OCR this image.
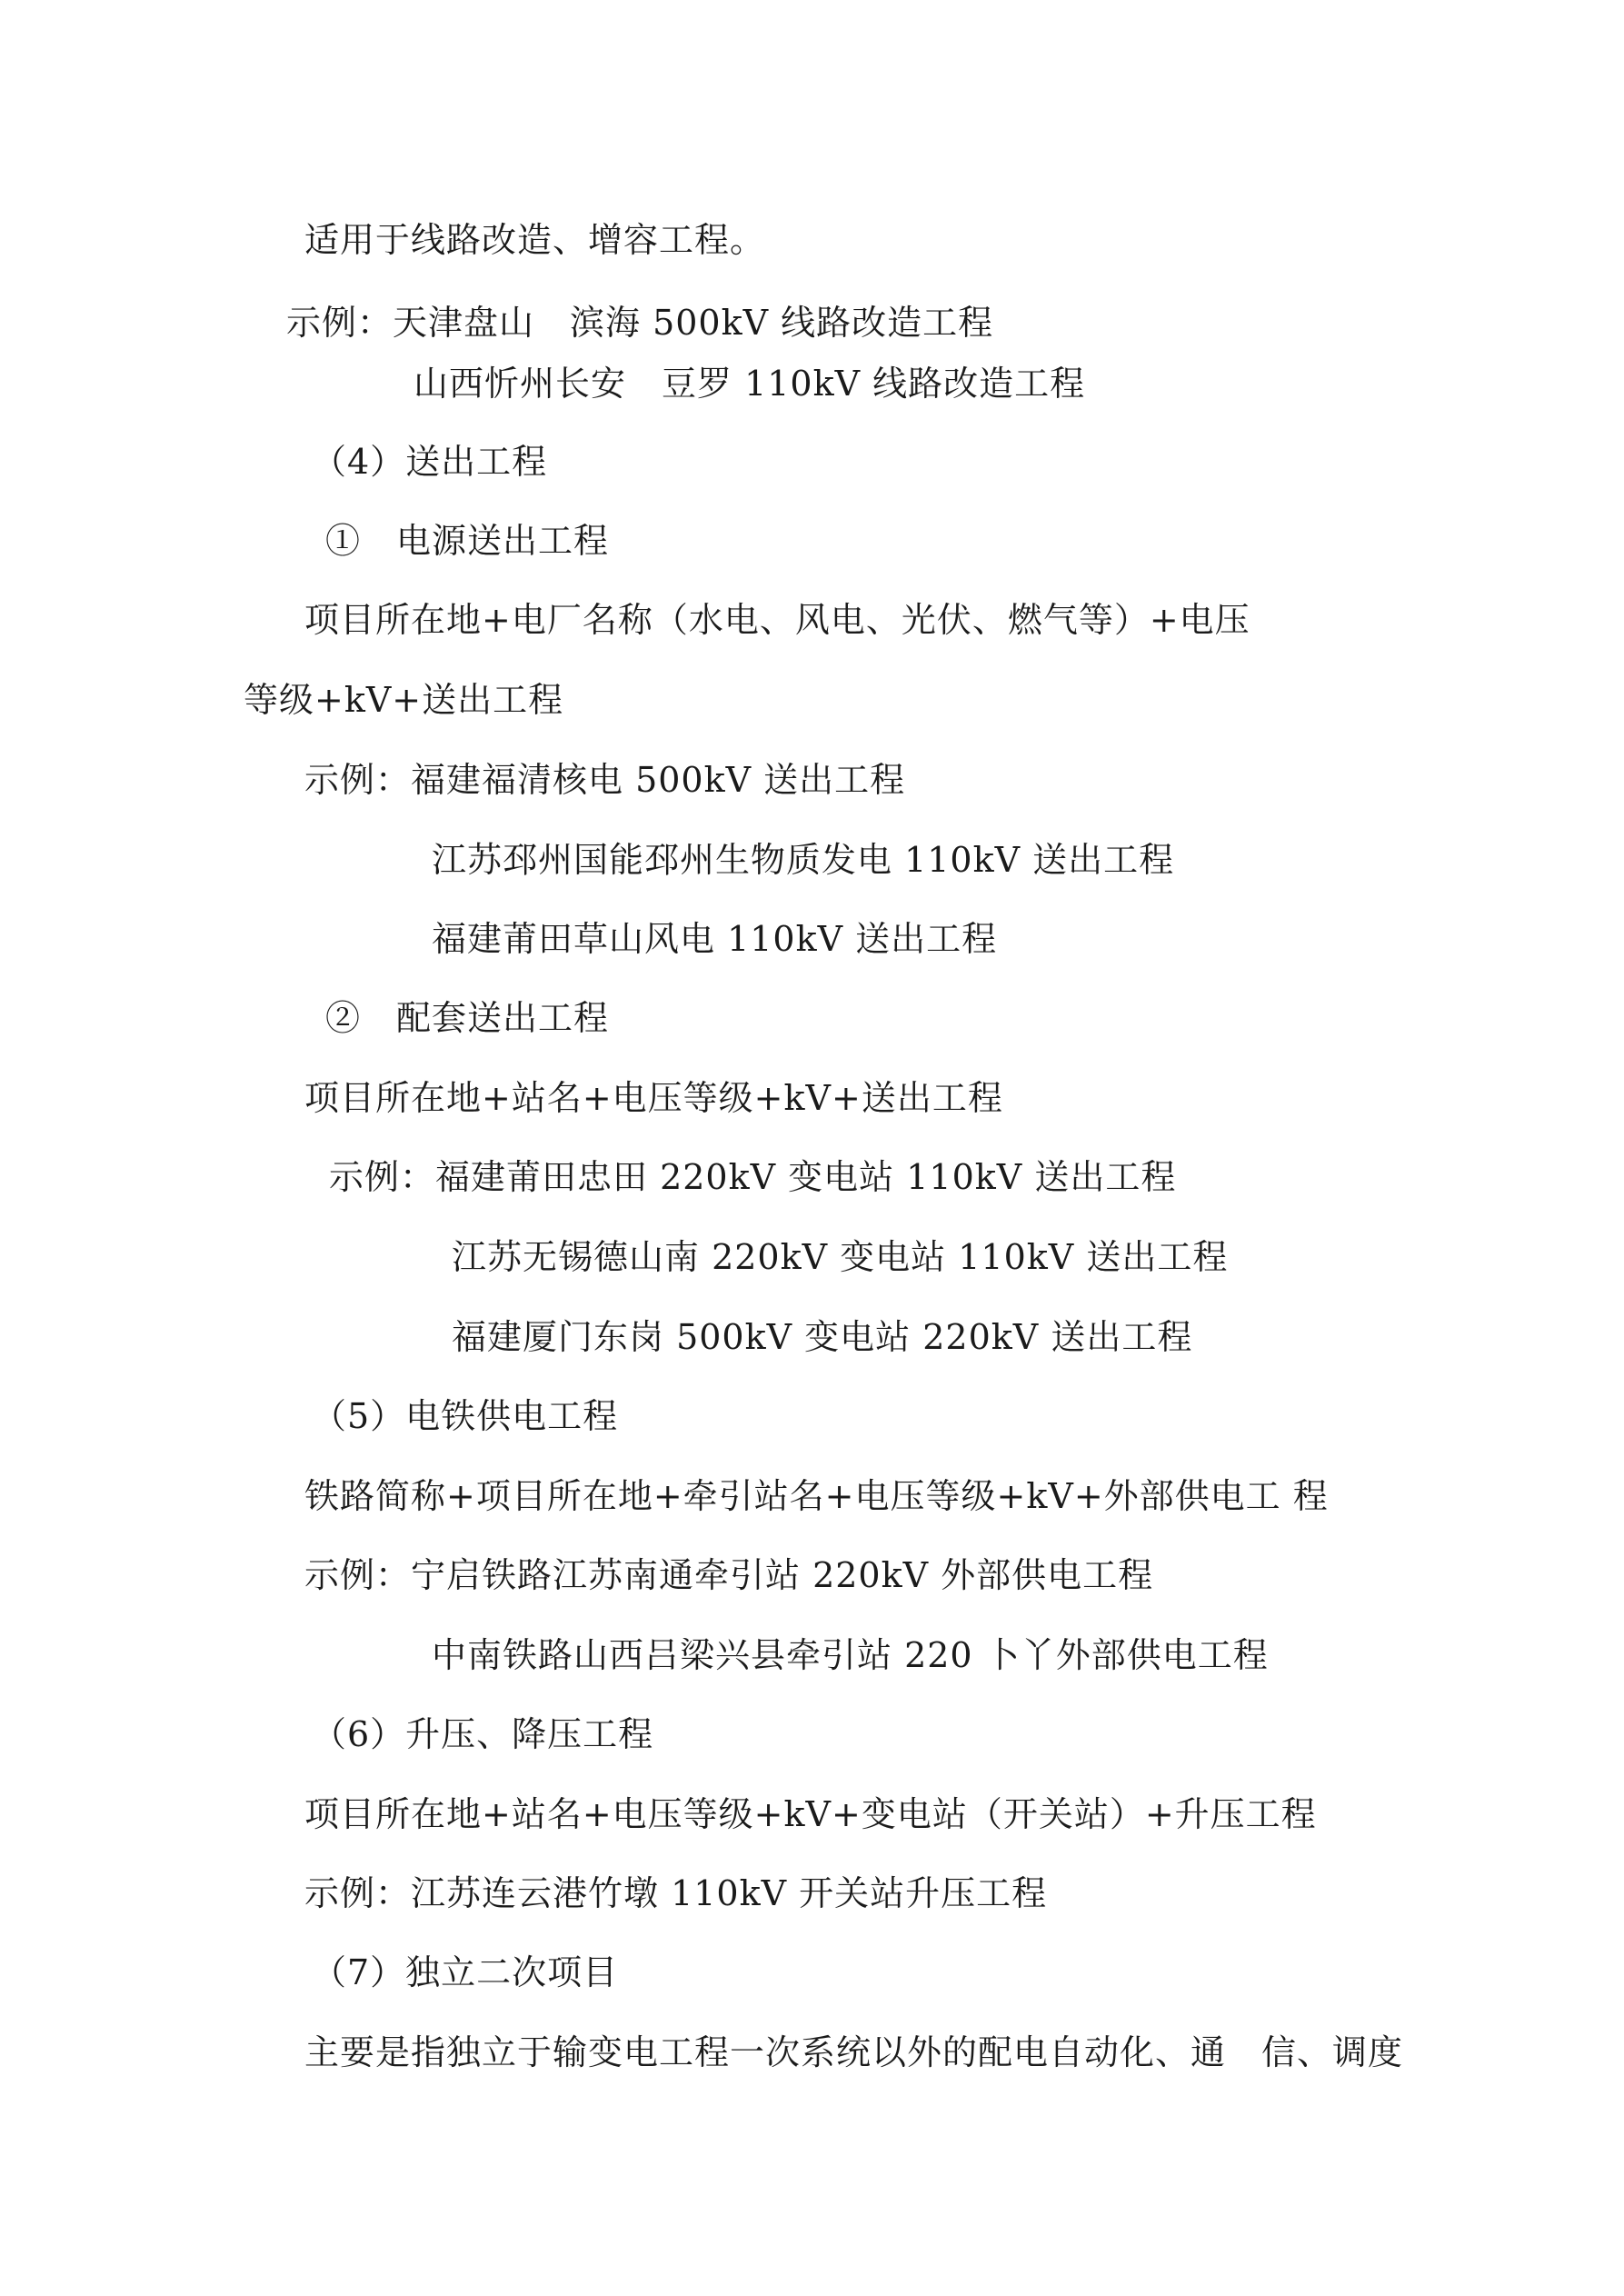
适用于线路改造、增容工程。
示例：天津盘山　滨海 500kV 线路改造工程
山西忻州长安　豆罗 110kV 线路改造工程
（4）送出工程
①　电源送出工程
项目所在地+电厂名称（水电、风电、光伏、燃气等）+电压
等级+kV+送出工程
示例：福建福清核电 500kV 送出工程
江苏邳州国能邳州生物质发电 110kV 送出工程
福建莆田草山风电 110kV 送出工程
②　配套送出工程
项目所在地+站名+电压等级+kV+送出工程
示例：福建莆田忠田 220kV 变电站 110kV 送出工程
江苏无锡德山南 220kV 变电站 110kV 送出工程
福建厦门东岗 500kV 变电站 220kV 送出工程
（5）电铁供电工程
铁路简称+项目所在地+牵引站名+电压等级+kV+外部供电工 程
示例：宁启铁路江苏南通牵引站 220kV 外部供电工程
中南铁路山西吕梁兴县牵引站 220 卜丫外部供电工程
（6）升压、降压工程
项目所在地+站名+电压等级+kV+变电站（开关站）+升压工程
示例：江苏连云港竹墩 110kV 开关站升压工程
（7）独立二次项目
主要是指独立于输变电工程一次系统以外的配电自动化、通　信、调度
